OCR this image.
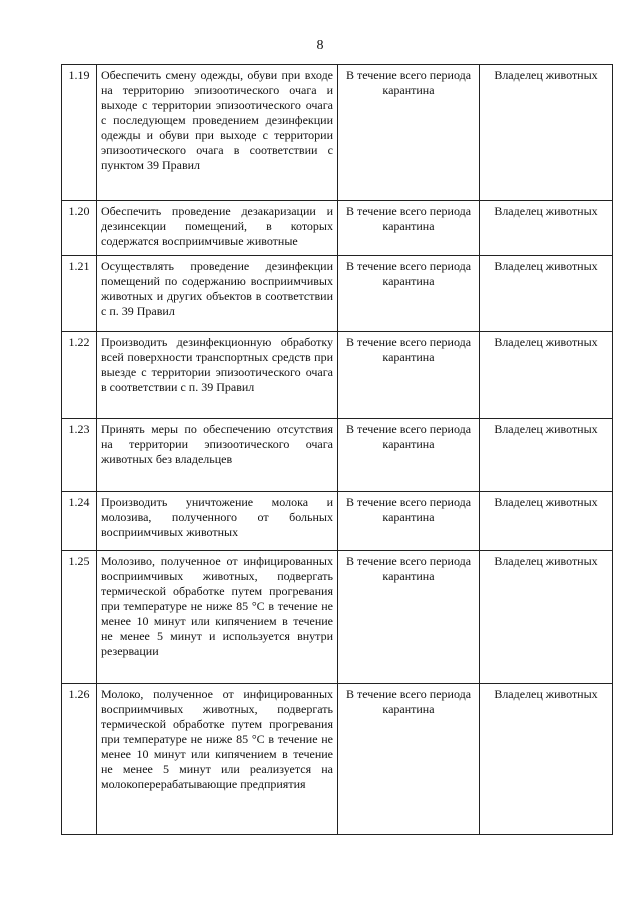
8
1.19	Обеспечить смену одежды, обуви при входе на территорию эпизоотического очага и выходе с территории эпизоотического очага с последующем проведением дезинфекции одежды и обуви при выходе с территории эпизоотического очага в соответствии с пунктом 39 Правил	В течение всего периода карантина	Владелец животных
1.20	Обеспечить проведение дезакаризации и дезинсекции помещений, в которых содержатся восприимчивые животные	В течение всего периода карантина	Владелец животных
1.21	Осуществлять проведение дезинфекции помещений по содержанию восприимчивых животных и других объектов в соответствии с п. 39 Правил	В течение всего периода карантина	Владелец животных
1.22	Производить дезинфекционную обработку всей поверхности транспортных средств при выезде с территории эпизоотического очага в соответствии с п. 39 Правил	В течение всего периода карантина	Владелец животных
1.23	Принять меры по обеспечению отсутствия на территории эпизоотического очага животных без владельцев	В течение всего периода карантина	Владелец животных
1.24	Производить уничтожение молока и молозива, полученного от больных восприимчивых животных	В течение всего периода карантина	Владелец животных
1.25	Молозиво, полученное от инфицированных восприимчивых животных, подвергать термической обработке путем прогревания при температуре не ниже 85 °С в течение не менее 10 минут или кипячением в течение не менее 5 минут и используется внутри резервации	В течение всего периода карантина	Владелец животных
1.26	Молоко, полученное от инфицированных восприимчивых животных, подвергать термической обработке путем прогревания при температуре не ниже 85 °С в течение не менее 10 минут или кипячением в течение не менее 5 минут или реализуется на молокоперерабатывающие предприятия	В течение всего периода карантина	Владелец животных
